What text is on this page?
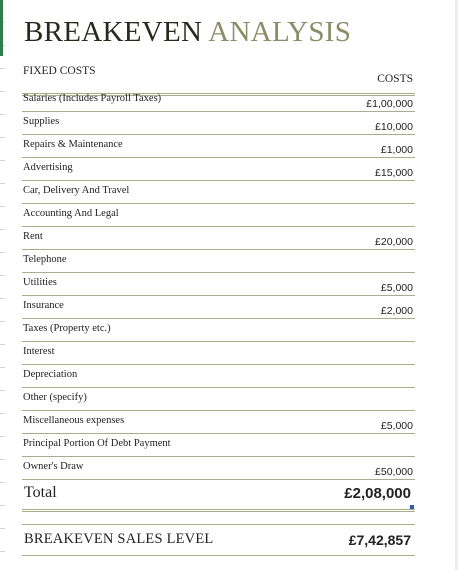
BREAKEVEN ANALYSIS
FIXED COSTS
COSTS
Salaries (Includes Payroll Taxes)	£1,00,000
Supplies	£10,000
Repairs & Maintenance	£1,000
Advertising	£15,000
Car, Delivery And Travel
Accounting And Legal
Rent	£20,000
Telephone
Utilities	£5,000
Insurance	£2,000
Taxes (Property etc.)
Interest
Depreciation
Other (specify)
Miscellaneous expenses	£5,000
Principal Portion Of Debt Payment
Owner's Draw	£50,000
Total	£2,08,000
BREAKEVEN SALES LEVEL	£7,42,857
